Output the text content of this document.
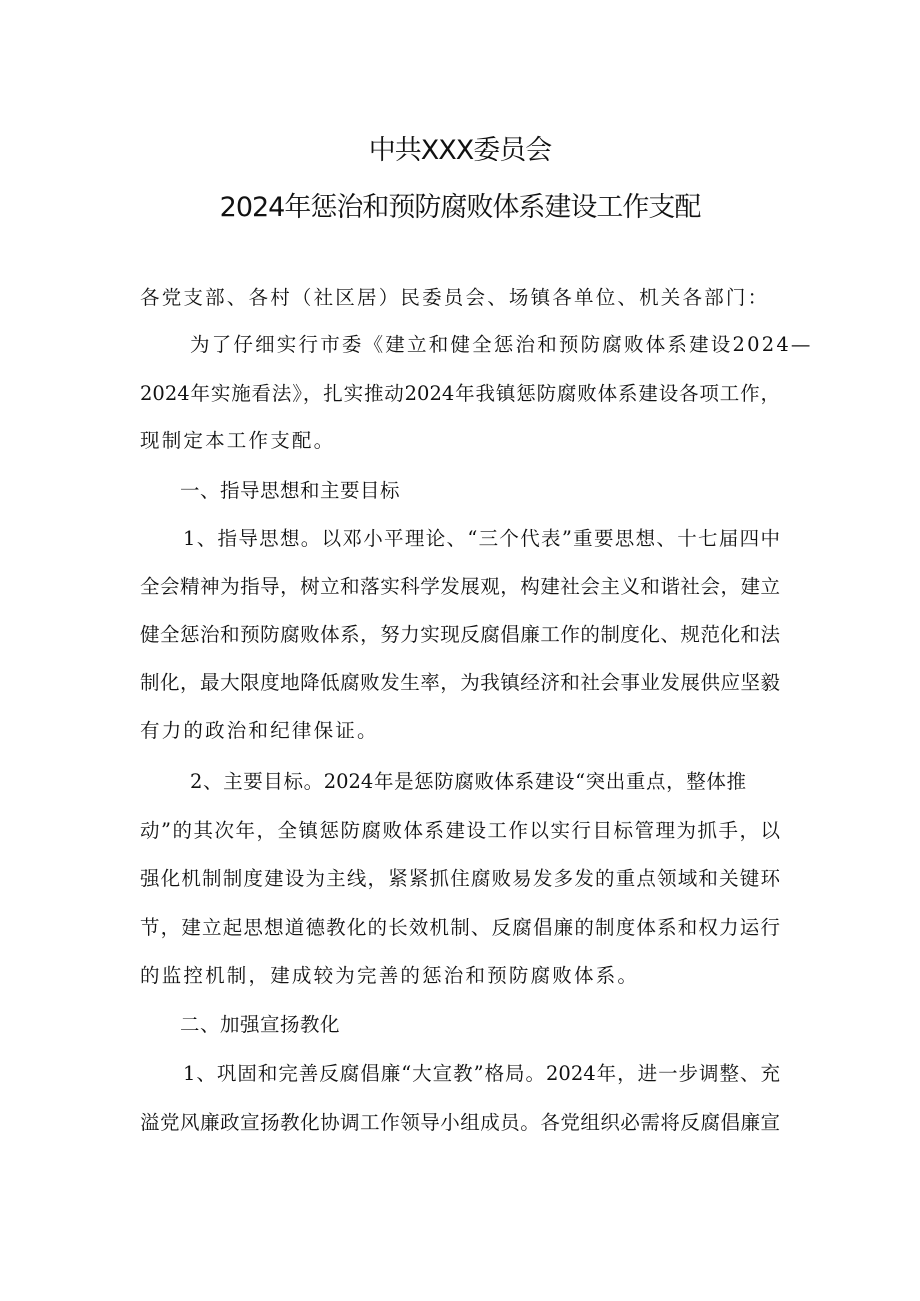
中共XXX委员会
2024年惩治和预防腐败体系建设工作支配
各党支部、各村（社区居）民委员会、场镇各单位、机关各部门：
为了仔细实行市委《建立和健全惩治和预防腐败体系建设2024—
2024年实施看法》，扎实推动2024年我镇惩防腐败体系建设各项工作，
现制定本工作支配。
一、指导思想和主要目标
1、指导思想。以邓小平理论、“三个代表”重要思想、十七届四中
全会精神为指导，树立和落实科学发展观，构建社会主义和谐社会，建立
健全惩治和预防腐败体系，努力实现反腐倡廉工作的制度化、规范化和法
制化，最大限度地降低腐败发生率，为我镇经济和社会事业发展供应坚毅
有力的政治和纪律保证。
2、主要目标。2024年是惩防腐败体系建设“突出重点，整体推
动”的其次年，全镇惩防腐败体系建设工作以实行目标管理为抓手，以
强化机制制度建设为主线，紧紧抓住腐败易发多发的重点领域和关键环
节，建立起思想道德教化的长效机制、反腐倡廉的制度体系和权力运行
的监控机制，建成较为完善的惩治和预防腐败体系。
二、加强宣扬教化
1、巩固和完善反腐倡廉“大宣教”格局。2024年，进一步调整、充
溢党风廉政宣扬教化协调工作领导小组成员。各党组织必需将反腐倡廉宣
